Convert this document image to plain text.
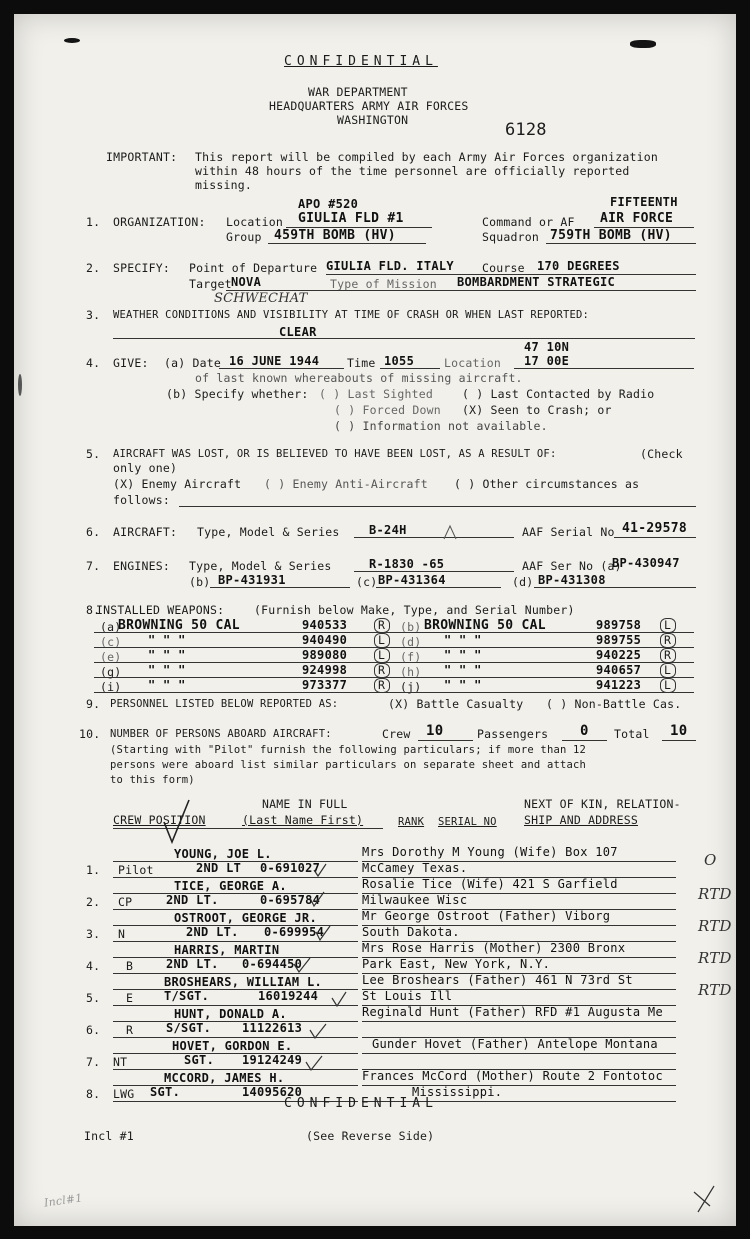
CONFIDENTIAL
WAR DEPARTMENT
HEADQUARTERS ARMY AIR FORCES
WASHINGTON	6128
IMPORTANT: This report will be compiled by each Army Air Forces organization
within 48 hours of the time personnel are officially reported
missing.
APO #520	FIFTEENTH
1. ORGANIZATION: Location GIULIA FLD #1	Command or AF AIR FORCE
Group 459TH BOMB (HV)	Squadron 759TH BOMB (HV)
2. SPECIFY: Point of Departure GIULIA FLD. ITALY Course 170 DEGREES
Target NOVA	Type of Mission BOMBARDMENT STRATEGIC
SCHWECHAT
3. WEATHER CONDITIONS AND VISIBILITY AT TIME OF CRASH OR WHEN LAST REPORTED:
CLEAR
47 10N
4. GIVE: (a) Date 16 JUNE 1944 Time 1055	Location 17 00E
of last known whereabouts of missing aircraft.
(b) Specify whether: ( ) Last Sighted	( ) Last Contacted by Radio
( ) Forced Down (X) Seen to Crash; or
( ) Information not available.
5. AIRCRAFT WAS LOST, OR IS BELIEVED TO HAVE BEEN LOST, AS A RESULT OF:	(Check
only one)
(X) Enemy Aircraft ( ) Enemy Anti-Aircraft ( ) Other circumstances as
follows:
6. AIRCRAFT: Type, Model & Series B-24H	AAF Serial No 41-29578
7. ENGINES: Type, Model & Series	R-1830 -65	AAF Ser No (a)
BP-430947
(b) BP-431931	(c) BP-431364	(d) BP-431308
8.
INSTALLED WEAPONS:	(Furnish below Make, Type, and Serial Number)
(a)
BROWNING 50 CAL	940533	R (b) BROWNING 50 CAL	989758 L
(c) " " "	940490	L (d) " " "	989755 R
(e) " " "	989080	L (f) " " "	940225 R
(g) " " "	924998	R (h) " " "	940657 L
(i) " " "	973377	R (j) " " "	941223 L
9. PERSONNEL LISTED BELOW REPORTED AS:	(X) Battle Casualty ( ) Non-Battle Cas.
10. NUMBER OF PERSONS ABOARD AIRCRAFT:	Crew 10	Passengers 0 Total 10
(Starting with "Pilot" furnish the following particulars; if more than 12
persons were aboard list similar particulars on separate sheet and attach
to this form)
NAME IN FULL	NEXT OF KIN, RELATION-
CREW POSITION	(Last Name First)	RANK SERIAL NO SHIP AND ADDRESS
YOUNG, JOE L.	Mrs Dorothy M Young (Wife) Box 107
1. Pilot	2ND LT 0-691027	McCamey Texas.	O
TICE, GEORGE A.	Rosalie Tice (Wife) 421 S Garfield
2. CP	2ND LT.	0-695784	Milwaukee Wisc	RTD
OSTROOT, GEORGE JR.	Mr George Ostroot (Father) Viborg
3. N	2ND LT. 0-699954	South Dakota.	RTD
HARRIS, MARTIN	Mrs Rose Harris (Mother) 2300 Bronx
4. B	2ND LT. 0-694450	Park East, New York, N.Y.	RTD
BROSHEARS, WILLIAM L.	Lee Broshears (Father) 461 N 73rd St
5. E	T/SGT.	16019244	St Louis Ill	RTD
HUNT, DONALD A.	Reginald Hunt (Father) RFD #1 Augusta Me
6. R	S/SGT.	11122613
HOVET, GORDON E.	Gunder Hovet (Father) Antelope Montana
7. NT	SGT. 19124249
MCCORD, JAMES H.	Frances McCord (Mother) Route 2 Fontotoc
8. LWG SGT.	14095620	Mississippi.
CONFIDENTIAL
Incl #1	(See Reverse Side)
Incl#1
